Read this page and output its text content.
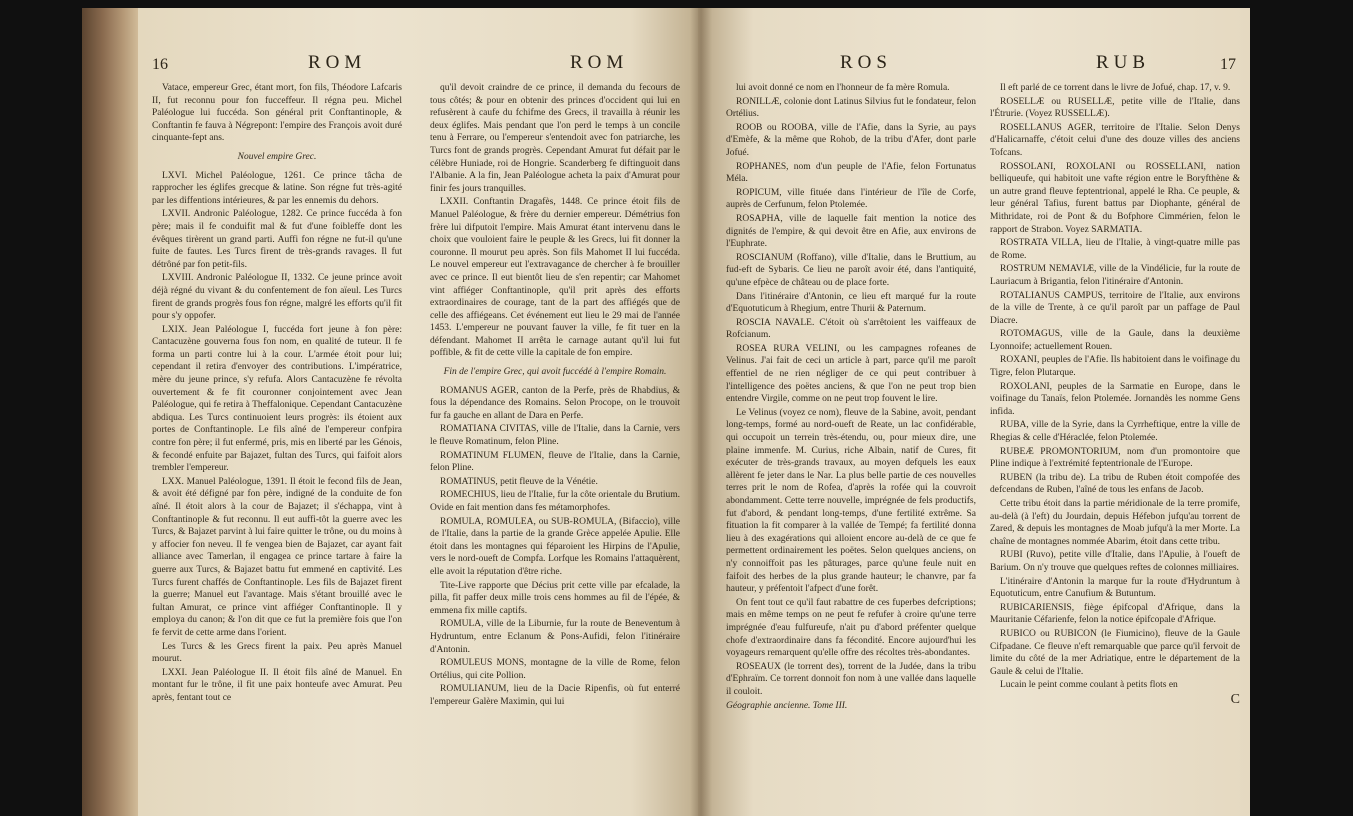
16	ROM	ROM

Vatace, empereur Grec, étant mort, fon fils, Théodore Lafcaris II, fut reconnu pour fon fucceffeur. Il régna peu. Michel Paléologue lui fuccéda. Son général prit Conftantinople, & Conftantin fe fauva à Négrepont: l'empire des François avoit duré cinquante-fept ans.

Nouvel empire Grec.

LXVI. Michel Paléologue, 1261. Ce prince tâcha de rapprocher les églifes grecque & latine. Son régne fut très-agité par les diffentions intérieures, & par les ennemis du dehors.

LXVII. Andronic Paléologue, 1282. Ce prince fuccéda à fon père; mais il fe conduifit mal & fut d'une foibleffe dont les évêques tirèrent un grand parti. Auffi fon régne ne fut-il qu'une fuite de fautes. Les Turcs firent de très-grands ravages. Il fut détrôné par fon petit-fils.

LXVIII. Andronic Paléologue II, 1332. Ce jeune prince avoit déjà régné du vivant & du confentement de fon aïeul. Les Turcs firent de grands progrès fous fon régne, malgré les efforts qu'il fit pour s'y oppofer.

LXIX. Jean Paléologue I, fuccéda fort jeune à fon père: Cantacuzène gouverna fous fon nom, en qualité de tuteur. Il fe forma un parti contre lui à la cour. L'armée étoit pour lui; cependant il retira d'envoyer des contributions. L'impératrice, mère du jeune prince, s'y refufa. Alors Cantacuzène fe révolta ouvertement & fe fit couronner conjointement avec Jean Paléologue, qui fe retira à Theffalonique. Cependant Cantacuzène abdiqua. Les Turcs continuoient leurs progrès: ils étoient aux portes de Conftantinople. Le fils aîné de l'empereur confpira contre fon père; il fut enfermé, pris, mis en liberté par les Génois, & fecondé enfuite par Bajazet, fultan des Turcs, qui faifoit alors trembler l'empereur.

LXX. Manuel Paléologue, 1391. Il étoit le fecond fils de Jean, & avoit été défigné par fon père, indigné de la conduite de fon aîné. Il étoit alors à la cour de Bajazet; il s'échappa, vint à Conftantinople & fut reconnu. Il eut auffi-tôt la guerre avec les Turcs, & Bajazet parvint à lui faire quitter le trône, ou du moins à y affocier fon neveu. Il fe vengea bien de Bajazet, car ayant fait alliance avec Tamerlan, il engagea ce prince tartare à faire la guerre aux Turcs, & Bajazet battu fut emmené en captivité. Les Turcs furent chaffés de Conftantinople. Les fils de Bajazet firent la guerre; Manuel eut l'avantage. Mais s'étant brouillé avec le fultan Amurat, ce prince vint affiéger Conftantinople. Il y employa du canon; & l'on dit que ce fut la première fois que l'on fe fervit de cette arme dans l'orient.

Les Turcs & les Grecs firent la paix. Peu après Manuel mourut.

LXXI. Jean Paléologue II. Il étoit fils aîné de Manuel. En montant fur le trône, il fit une paix honteufe avec Amurat. Peu après, fentant tout ce

qu'il devoit craindre de ce prince, il demanda du fecours de tous côtés; & pour en obtenir des princes d'occident qui lui en refusèrent à caufe du fchifme des Grecs, il travailla à réunir les deux églifes. Mais pendant que l'on perd le temps à un concile tenu à Ferrare, ou l'empereur s'entendoit avec fon patriarche, les Turcs font de grands progrès. Cependant Amurat fut défait par le célèbre Huniade, roi de Hongrie. Scanderberg fe diftinguoit dans l'Albanie. A la fin, Jean Paléologue acheta la paix d'Amurat pour finir fes jours tranquilles.

LXXII. Conftantin Dragafès, 1448. Ce prince étoit fils de Manuel Paléologue, & frère du dernier empereur. Démétrius fon frère lui difputoit l'empire. Mais Amurat étant intervenu dans le choix que vouloient faire le peuple & les Grecs, lui fit donner la couronne. Il mourut peu après. Son fils Mahomet II lui fuccéda. Le nouvel empereur eut l'extravagance de chercher à fe brouiller avec ce prince. Il eut bientôt lieu de s'en repentir; car Mahomet vint affiéger Conftantinople, qu'il prit après des efforts extraordinaires de courage, tant de la part des affiégés que de celle des affiégeans. Cet événement eut lieu le 29 mai de l'année 1453. L'empereur ne pouvant fauver la ville, fe fit tuer en la défendant. Mahomet II arrêta le carnage autant qu'il lui fut poffible, & fit de cette ville la capitale de fon empire.

Fin de l'empire Grec, qui avoit fuccédé à l'empire Romain.

ROMANUS AGER, canton de la Perfe, près de Rhabdius, & fous la dépendance des Romains. Selon Procope, on le trouvoit fur fa gauche en allant de Dara en Perfe.

ROMATIANA CIVITAS, ville de l'Italie, dans la Carnie, vers le fleuve Romatinum, felon Pline.

ROMATINUM FLUMEN, fleuve de l'Italie, dans la Carnie, felon Pline.

ROMATINUS, petit fleuve de la Vénétie.

ROMECHIUS, lieu de l'Italie, fur la côte orientale du Brutium. Ovide en fait mention dans fes métamorphofes.

ROMULA, ROMULEA, ou SUB-ROMULA, (Bifaccio), ville de l'Italie, dans la partie de la grande Grèce appelée Apulie. Elle étoit dans les montagnes qui féparoient les Hirpins de l'Apulie, vers le nord-oueft de Compfa. Lorfque les Romains l'attaquèrent, elle avoit la réputation d'être riche.

Tite-Live rapporte que Décius prit cette ville par efcalade, la pilla, fit paffer deux mille trois cens hommes au fil de l'épée, & emmena fix mille captifs.

ROMULA, ville de la Liburnie, fur la route de Beneventum à Hydruntum, entre Eclanum & Pons-Aufidi, felon l'itinéraire d'Antonin.

ROMULEUS MONS, montagne de la ville de Rome, felon Ortélius, qui cite Pollion.

ROMULIANUM, lieu de la Dacie Ripenfis, où fut enterré l'empereur Galère Maximin, qui lui

ROS	RUB	17

lui avoit donné ce nom en l'honneur de fa mère Romula.

RONILLÆ, colonie dont Latinus Silvius fut le fondateur, felon Ortélius.

ROOB ou ROOBA, ville de l'Afie, dans la Syrie, au pays d'Emèfe, & la même que Rohob, de la tribu d'Afer, dont parle Jofué.

ROPHANES, nom d'un peuple de l'Afie, felon Fortunatus Méla.

ROPICUM, ville fituée dans l'intérieur de l'île de Corfe, auprès de Cerfunum, felon Ptolemée.

ROSAPHA, ville de laquelle fait mention la notice des dignités de l'empire, & qui devoit être en Afie, aux environs de l'Euphrate.

ROSCIANUM (Roffano), ville d'Italie, dans le Bruttium, au fud-eft de Sybaris. Ce lieu ne paroît avoir été, dans l'antiquité, qu'une efpèce de château ou de place forte.

Dans l'itinéraire d'Antonin, ce lieu eft marqué fur la route d'Equotuticum à Rhegium, entre Thurii & Paternum.

ROSCIA NAVALE. C'étoit où s'arrêtoient les vaiffeaux de Rofcianum.

ROSEA RURA VELINI, ou les campagnes rofeanes de Velinus. J'ai fait de ceci un article à part, parce qu'il me paroît effentiel de ne rien négliger de ce qui peut contribuer à l'intelligence des poëtes anciens, & que l'on ne peut trop bien entendre Virgile, comme on ne peut trop fouvent le lire.

Le Velinus (voyez ce nom), fleuve de la Sabine, avoit, pendant long-temps, formé au nord-oueft de Reate, un lac confidérable, qui occupoit un terrein très-étendu, ou, pour mieux dire, une plaine immenfe. M. Curius, riche Albain, natif de Cures, fit exécuter de très-grands travaux, au moyen defquels les eaux allèrent fe jeter dans le Nar. La plus belle partie de ces nouvelles terres prit le nom de Rofea, d'après la rofée qui la couvroit abondamment. Cette terre nouvelle, imprégnée de fels productifs, fut d'abord, & pendant long-temps, d'une fertilité extrême. Sa fituation la fit comparer à la vallée de Tempé; fa fertilité donna lieu à des exagérations qui alloient encore au-delà de ce que fe permettent ordinairement les poëtes. Selon quelques anciens, on n'y connoiffoit pas les pâturages, parce qu'une feule nuit en faifoit des herbes de la plus grande hauteur; le chanvre, par fa hauteur, y préfentoit l'afpect d'une forêt.

On fent tout ce qu'il faut rabattre de ces fuperbes defcriptions; mais en même temps on ne peut fe refufer à croire qu'une terre imprégnée d'eau fulfureufe, n'ait pu d'abord préfenter quelque chofe d'extraordinaire dans fa fécondité. Encore aujourd'hui les voyageurs remarquent qu'elle offre des récoltes très-abondantes.

ROSEAUX (le torrent des), torrent de la Judée, dans la tribu d'Ephraïm. Ce torrent donnoit fon nom à une vallée dans laquelle il couloit.

Géographie ancienne. Tome III.

Il eft parlé de ce torrent dans le livre de Jofué, chap. 17, v. 9.

ROSELLÆ ou RUSELLÆ, petite ville de l'Italie, dans l'Étrurie. (Voyez RUSSELLÆ).

ROSELLANUS AGER, territoire de l'Italie. Selon Denys d'Halicarnaffe, c'étoit celui d'une des douze villes des anciens Tofcans.

ROSSOLANI, ROXOLANI ou ROSSELLANI, nation belliqueufe, qui habitoit une vafte région entre le Boryfthène & un autre grand fleuve feptentrional, appelé le Rha. Ce peuple, & leur général Tafius, furent battus par Diophante, général de Mithridate, roi de Pont & du Bofphore Cimmérien, felon le rapport de Strabon. Voyez SARMATIA.

ROSTRATA VILLA, lieu de l'Italie, à vingt-quatre mille pas de Rome.

ROSTRUM NEMAVIÆ, ville de la Vindélicie, fur la route de Lauriacum à Brigantia, felon l'itinéraire d'Antonin.

ROTALIANUS CAMPUS, territoire de l'Italie, aux environs de la ville de Trente, à ce qu'il paroît par un paffage de Paul Diacre.

ROTOMAGUS, ville de la Gaule, dans la deuxième Lyonnoife; actuellement Rouen.

ROXANI, peuples de l'Afie. Ils habitoient dans le voifinage du Tigre, felon Plutarque.

ROXOLANI, peuples de la Sarmatie en Europe, dans le voifinage du Tanaïs, felon Ptolemée. Jornandès les nomme Gens infida.

RUBA, ville de la Syrie, dans la Cyrrheftique, entre la ville de Rhegias & celle d'Héraclée, felon Ptolemée.

RUBEÆ PROMONTORIUM, nom d'un promontoire que Pline indique à l'extrémité feptentrionale de l'Europe.

RUBEN (la tribu de). La tribu de Ruben étoit compofée des defcendans de Ruben, l'aîné de tous les enfans de Jacob.

Cette tribu étoit dans la partie méridionale de la terre promife, au-delà (à l'eft) du Jourdain, depuis Héfebon jufqu'au torrent de Zared, & depuis les montagnes de Moab jufqu'à la mer Morte. La chaîne de montagnes nommée Abarim, étoit dans cette tribu.

RUBI (Ruvo), petite ville d'Italie, dans l'Apulie, à l'oueft de Barium. On n'y trouve que quelques reftes de colonnes milliaires.

L'itinéraire d'Antonin la marque fur la route d'Hydruntum à Equotuticum, entre Canufium & Butuntum.

RUBICARIENSIS, fiège épifcopal d'Afrique, dans la Mauritanie Céfarienfe, felon la notice épifcopale d'Afrique.

RUBICO ou RUBICON (le Fiumicino), fleuve de la Gaule Cifpadane. Ce fleuve n'eft remarquable que parce qu'il fervoit de limite du côté de la mer Adriatique, entre le département de la Gaule & celui de l'Italie.

Lucain le peint comme coulant à petits flots en

C
